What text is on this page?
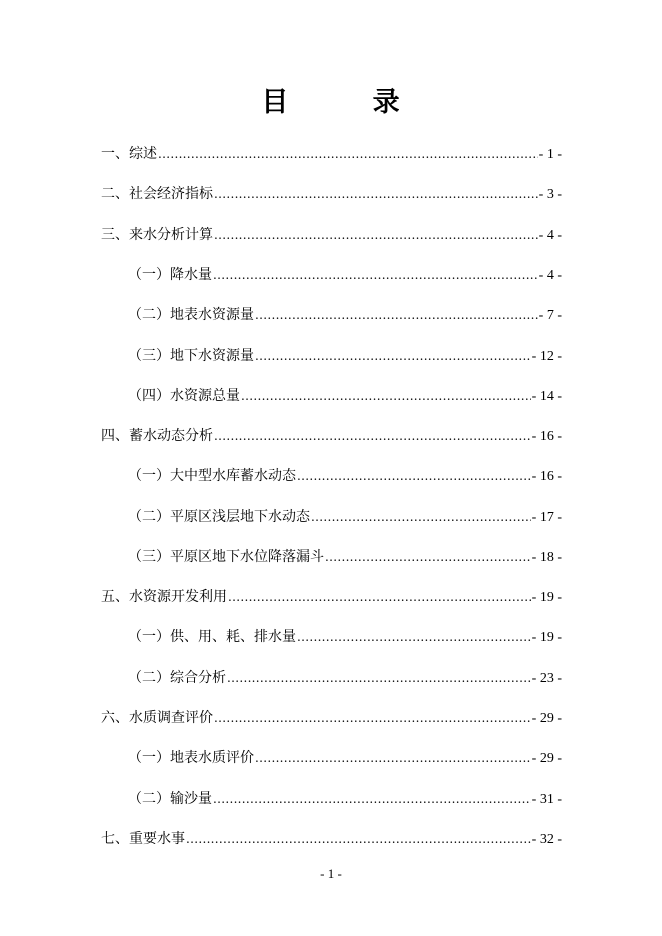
目        录
一、综述 .....	- 1 -
二、社会经济指标 .....	- 3 -
三、来水分析计算 .....	- 4 -
（一）降水量 .....	- 4 -
（二）地表水资源量 .....	- 7 -
（三）地下水资源量 .....	- 12 -
（四）水资源总量 .....	- 14 -
四、蓄水动态分析 .....	- 16 -
（一）大中型水库蓄水动态 .....	- 16 -
（二）平原区浅层地下水动态 .....	- 17 -
（三）平原区地下水位降落漏斗 .....	- 18 -
五、水资源开发利用 .....	- 19 -
（一）供、用、耗、排水量 .....	- 19 -
（二）综合分析 .....	- 23 -
六、水质调查评价 .....	- 29 -
（一）地表水质评价 .....	- 29 -
（二）输沙量 .....	- 31 -
七、重要水事 .....	- 32 -
- 1 -
